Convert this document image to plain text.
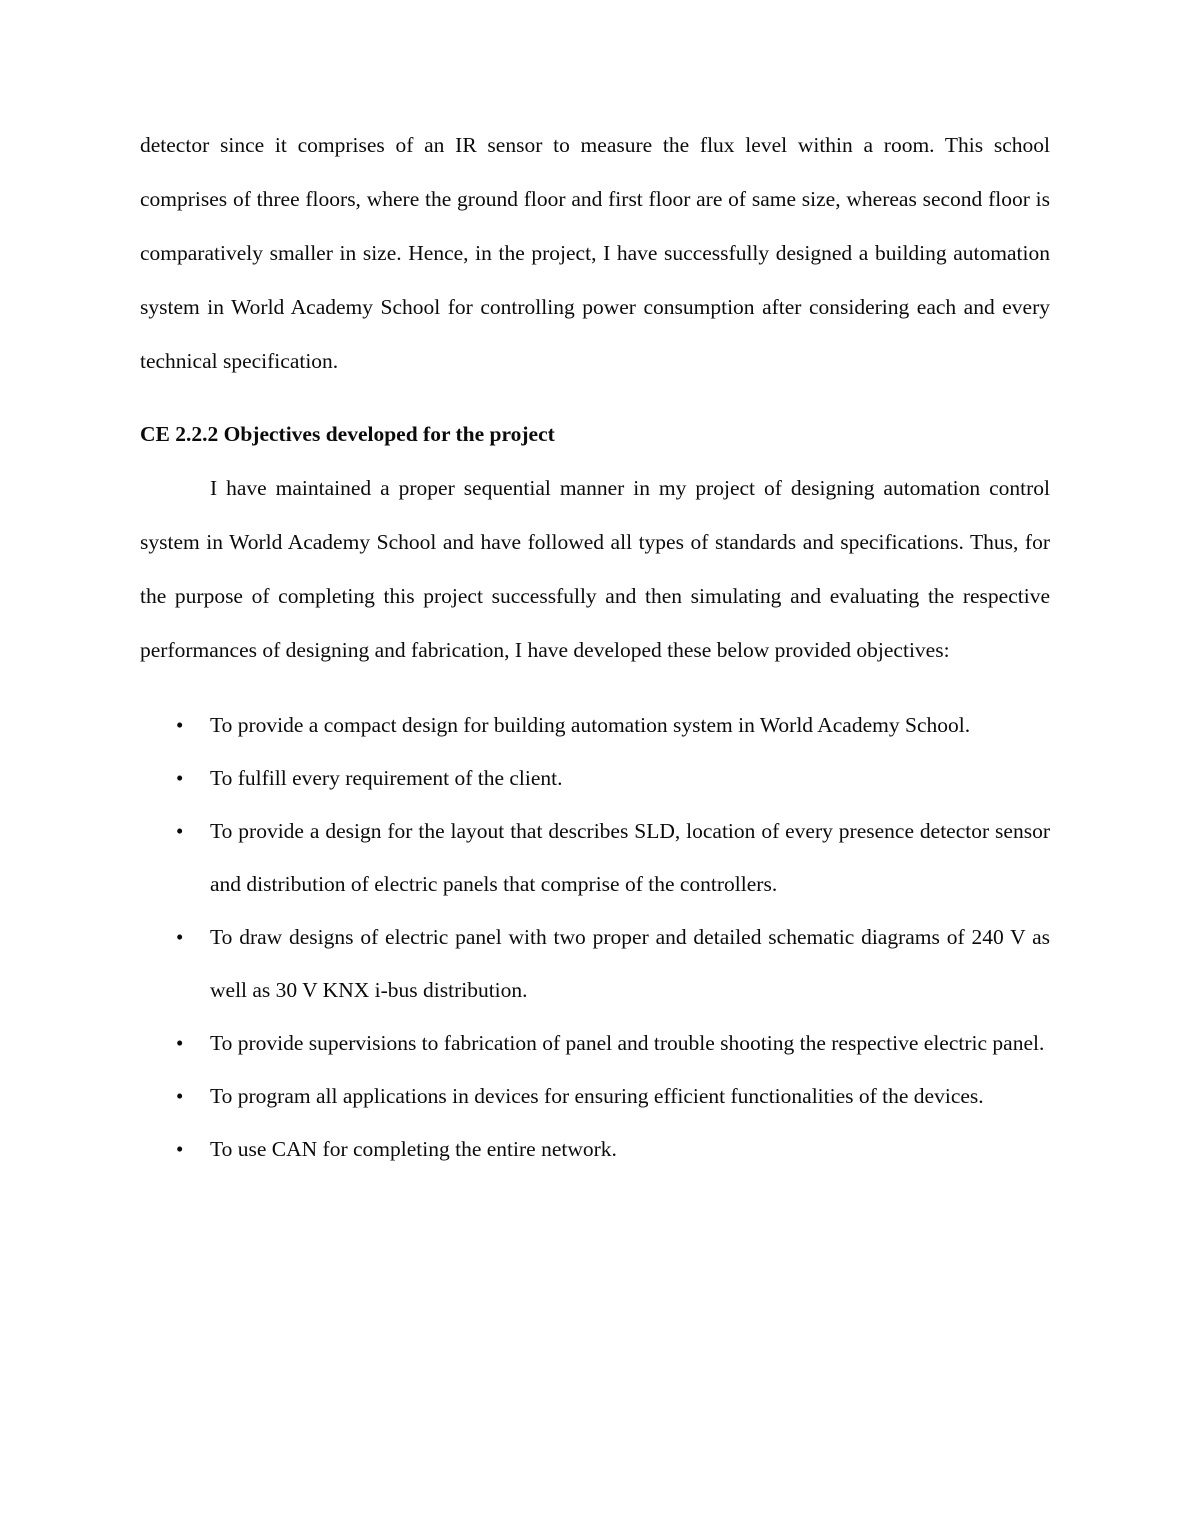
detector since it comprises of an IR sensor to measure the flux level within a room. This school comprises of three floors, where the ground floor and first floor are of same size, whereas second floor is comparatively smaller in size. Hence, in the project, I have successfully designed a building automation system in World Academy School for controlling power consumption after considering each and every technical specification.

CE 2.2.2 Objectives developed for the project

I have maintained a proper sequential manner in my project of designing automation control system in World Academy School and have followed all types of standards and specifications. Thus, for the purpose of completing this project successfully and then simulating and evaluating the respective performances of designing and fabrication, I have developed these below provided objectives:

• To provide a compact design for building automation system in World Academy School.
• To fulfill every requirement of the client.
• To provide a design for the layout that describes SLD, location of every presence detector sensor and distribution of electric panels that comprise of the controllers.
• To draw designs of electric panel with two proper and detailed schematic diagrams of 240 V as well as 30 V KNX i-bus distribution.
• To provide supervisions to fabrication of panel and trouble shooting the respective electric panel.
• To program all applications in devices for ensuring efficient functionalities of the devices.
• To use CAN for completing the entire network.
